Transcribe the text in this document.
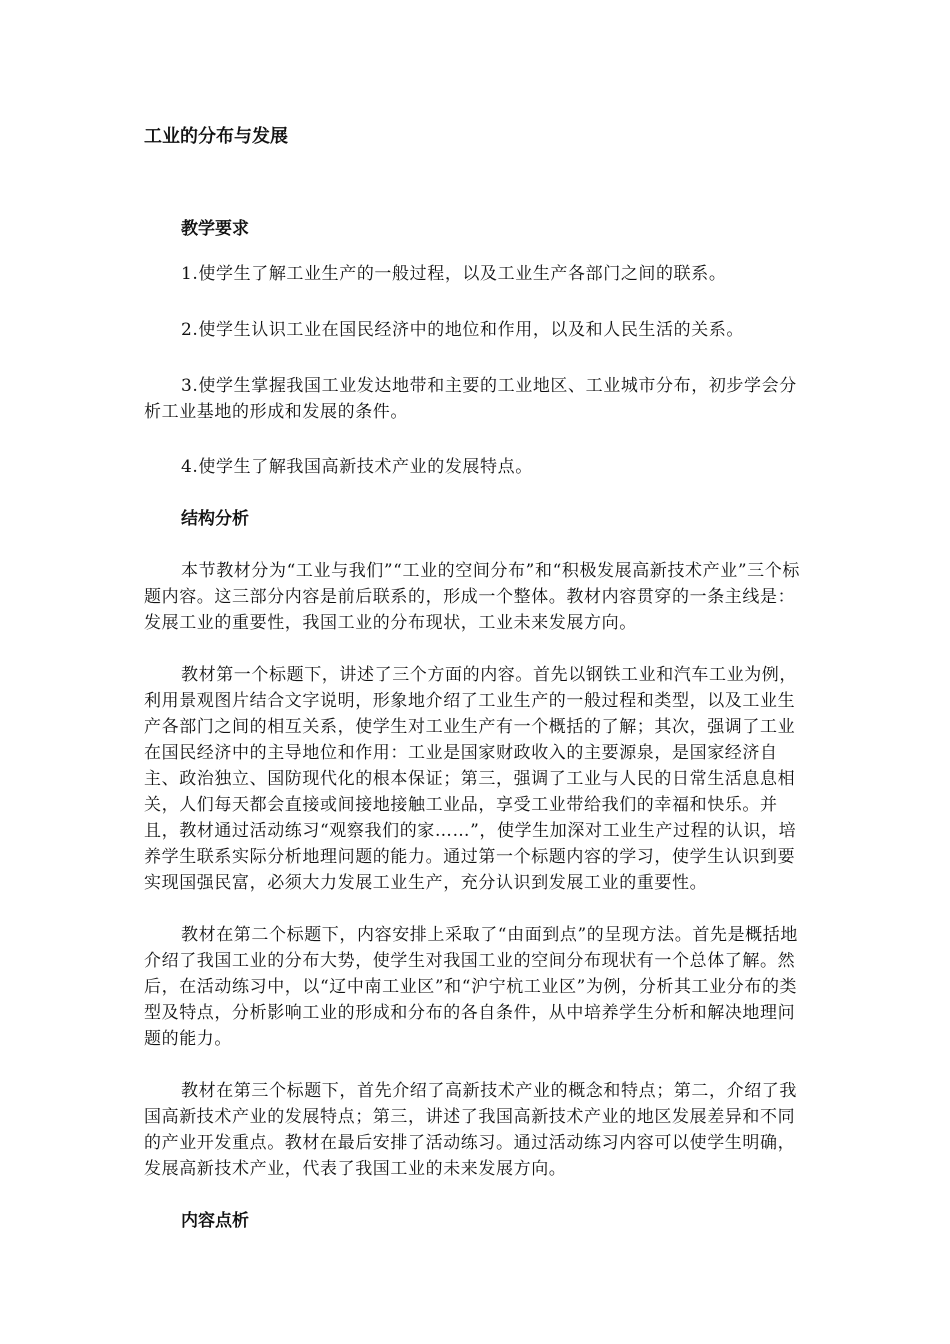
工业的分布与发展
教学要求

1.使学生了解工业生产的一般过程，以及工业生产各部门之间的联系。

2.使学生认识工业在国民经济中的地位和作用，以及和人民生活的关系。

3.使学生掌握我国工业发达地带和主要的工业地区、工业城市分布，初步学会分析工业基地的形成和发展的条件。

4.使学生了解我国高新技术产业的发展特点。

结构分析

本节教材分为“工业与我们”“工业的空间分布”和“积极发展高新技术产业”三个标题内容。这三部分内容是前后联系的，形成一个整体。教材内容贯穿的一条主线是：发展工业的重要性，我国工业的分布现状，工业未来发展方向。

教材第一个标题下，讲述了三个方面的内容。首先以钢铁工业和汽车工业为例，利用景观图片结合文字说明，形象地介绍了工业生产的一般过程和类型，以及工业生产各部门之间的相互关系，使学生对工业生产有一个概括的了解；其次，强调了工业在国民经济中的主导地位和作用：工业是国家财政收入的主要源泉，是国家经济自主、政治独立、国防现代化的根本保证；第三，强调了工业与人民的日常生活息息相关，人们每天都会直接或间接地接触工业品，享受工业带给我们的幸福和快乐。并且，教材通过活动练习“观察我们的家……”，使学生加深对工业生产过程的认识，培养学生联系实际分析地理问题的能力。通过第一个标题内容的学习，使学生认识到要实现国强民富，必须大力发展工业生产，充分认识到发展工业的重要性。

教材在第二个标题下，内容安排上采取了“由面到点”的呈现方法。首先是概括地介绍了我国工业的分布大势，使学生对我国工业的空间分布现状有一个总体了解。然后，在活动练习中，以“辽中南工业区”和“沪宁杭工业区”为例，分析其工业分布的类型及特点，分析影响工业的形成和分布的各自条件，从中培养学生分析和解决地理问题的能力。

教材在第三个标题下，首先介绍了高新技术产业的概念和特点；第二，介绍了我国高新技术产业的发展特点；第三，讲述了我国高新技术产业的地区发展差异和不同的产业开发重点。教材在最后安排了活动练习。通过活动练习内容可以使学生明确，发展高新技术产业，代表了我国工业的未来发展方向。

内容点析
